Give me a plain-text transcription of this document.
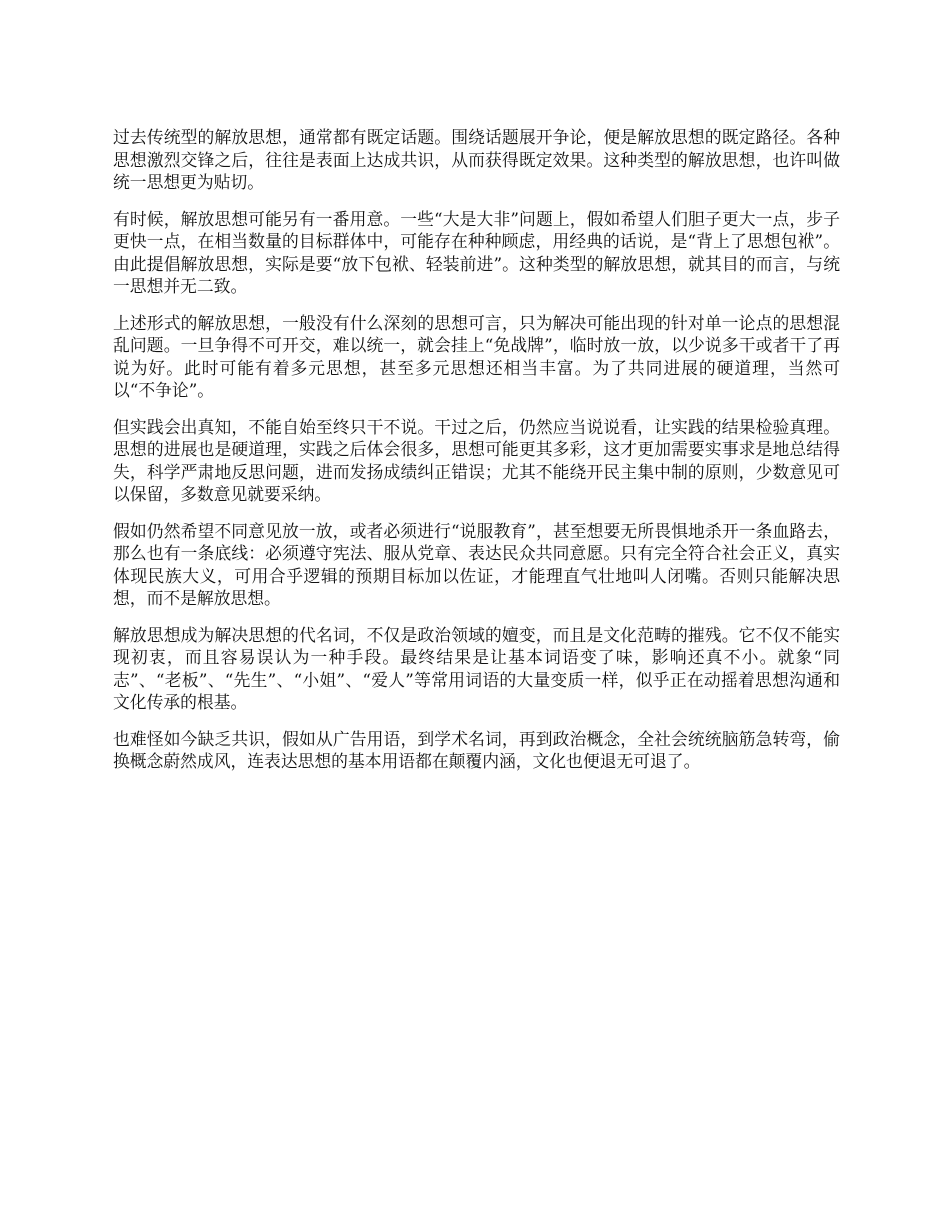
过去传统型的解放思想，通常都有既定话题。围绕话题展开争论，便是解放思想的既定路径。各种思想激烈交锋之后，往往是表面上达成共识，从而获得既定效果。这种类型的解放思想，也许叫做统一思想更为贴切。

有时候，解放思想可能另有一番用意。一些“大是大非”问题上，假如希望人们胆子更大一点，步子更快一点，在相当数量的目标群体中，可能存在种种顾虑，用经典的话说，是“背上了思想包袱”。由此提倡解放思想，实际是要“放下包袱、轻装前进”。这种类型的解放思想，就其目的而言，与统一思想并无二致。

上述形式的解放思想，一般没有什么深刻的思想可言，只为解决可能出现的针对单一论点的思想混乱问题。一旦争得不可开交，难以统一，就会挂上“免战牌”，临时放一放，以少说多干或者干了再说为好。此时可能有着多元思想，甚至多元思想还相当丰富。为了共同进展的硬道理，当然可以“不争论”。

但实践会出真知，不能自始至终只干不说。干过之后，仍然应当说说看，让实践的结果检验真理。思想的进展也是硬道理，实践之后体会很多，思想可能更其多彩，这才更加需要实事求是地总结得失，科学严肃地反思问题，进而发扬成绩纠正错误；尤其不能绕开民主集中制的原则，少数意见可以保留，多数意见就要采纳。

假如仍然希望不同意见放一放，或者必须进行“说服教育”，甚至想要无所畏惧地杀开一条血路去，那么也有一条底线：必须遵守宪法、服从党章、表达民众共同意愿。只有完全符合社会正义，真实体现民族大义，可用合乎逻辑的预期目标加以佐证，才能理直气壮地叫人闭嘴。否则只能解决思想，而不是解放思想。

解放思想成为解决思想的代名词，不仅是政治领域的嬗变，而且是文化范畴的摧残。它不仅不能实现初衷，而且容易误认为一种手段。最终结果是让基本词语变了味，影响还真不小。就象“同志”、“老板”、“先生”、“小姐”、“爱人”等常用词语的大量变质一样，似乎正在动摇着思想沟通和文化传承的根基。

也难怪如今缺乏共识，假如从广告用语，到学术名词，再到政治概念，全社会统统脑筋急转弯，偷换概念蔚然成风，连表达思想的基本用语都在颠覆内涵，文化也便退无可退了。
